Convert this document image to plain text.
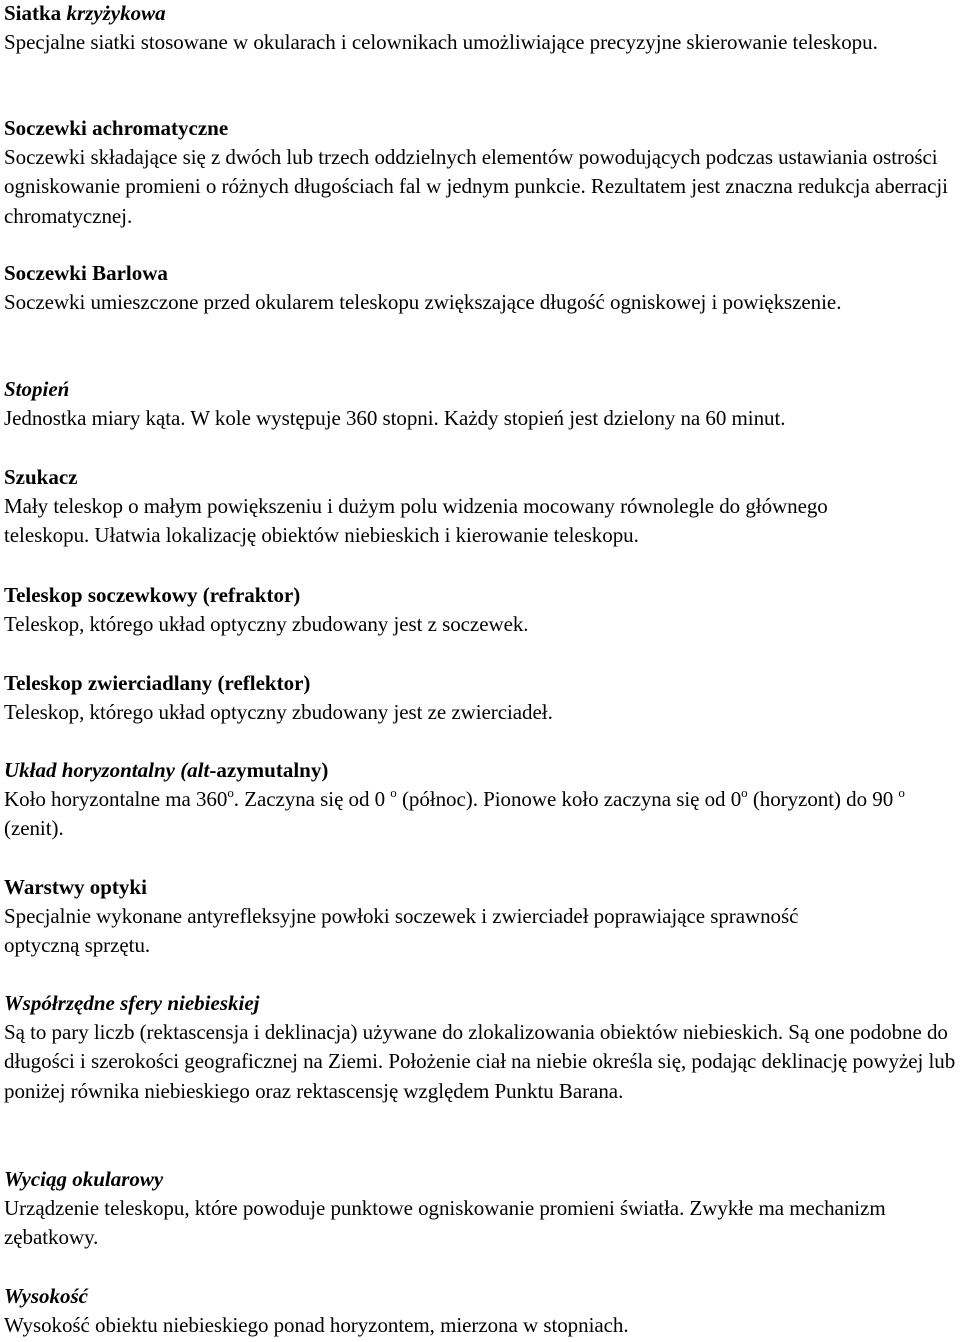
Siatka krzyżykowa
Specjalne siatki stosowane w okularach i celownikach umożliwiające precyzyjne skierowanie teleskopu.
Soczewki achromatyczne
Soczewki składające się z dwóch lub trzech oddzielnych elementów powodujących podczas ustawiania ostrości ogniskowanie promieni o różnych długościach fal w jednym punkcie. Rezultatem jest znaczna redukcja aberracji chromatycznej.
Soczewki Barlowa
Soczewki umieszczone przed okularem teleskopu zwiększające długość ogniskowej i powiększenie.
Stopień
Jednostka miary kąta. W kole występuje 360 stopni. Każdy stopień jest dzielony na 60 minut.
Szukacz
Mały teleskop o małym powiększeniu i dużym polu widzenia mocowany równolegle do głównego teleskopu. Ułatwia lokalizację obiektów niebieskich i kierowanie teleskopu.
Teleskop soczewkowy (refraktor)
Teleskop, którego układ optyczny zbudowany jest z soczewek.
Teleskop zwierciadlany (reflektor)
Teleskop, którego układ optyczny zbudowany jest ze zwierciadeł.
Układ horyzontalny (alt-azymutalny)
Koło horyzontalne ma 360$^o$. Zaczyna się od 0 $^o$ (północ). Pionowe koło zaczyna się od 0$^o$ (horyzont) do 90 $^o$ (zenit).
Warstwy optyki
Specjalnie wykonane antyrefleksyjne powłoki soczewek i zwierciadeł poprawiające sprawność optyczną sprzętu.
Współrzędne sfery niebieskiej
Są to pary liczb (rektascensja i deklinacja) używane do zlokalizowania obiektów niebieskich. Są one podobne do długości i szerokości geograficznej na Ziemi. Położenie ciał na niebie określa się, podając deklinację powyżej lub poniżej równika niebieskiego oraz rektascensję względem Punktu Barana.
Wyciąg okularowy
Urządzenie teleskopu, które powoduje punktowe ogniskowanie promieni światła. Zwykłe ma mechanizm zębatkowy.
Wysokość
Wysokość obiektu niebieskiego ponad horyzontem, mierzona w stopniach.
